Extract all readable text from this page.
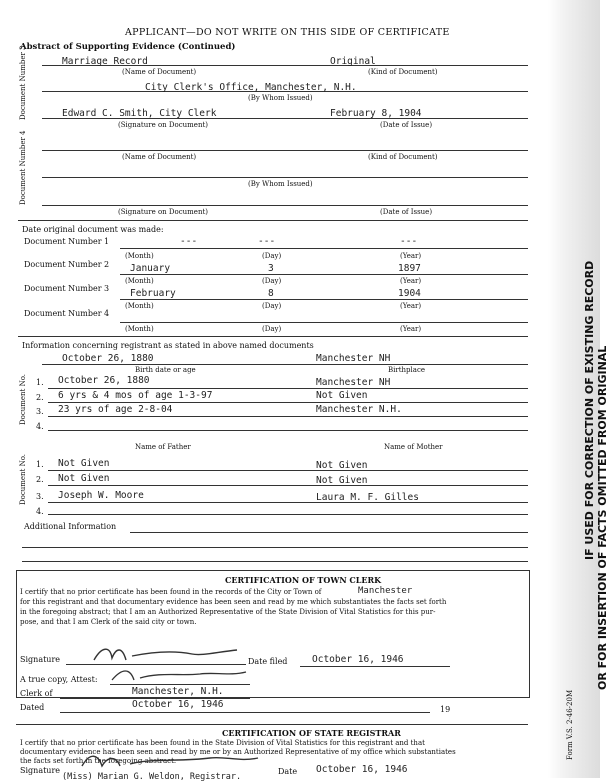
IF USED FOR CORRECTION OF EXISTING RECORD OR FOR INSERTION OF FACTS OMITTED FROM ORIGINAL
Form V.S. 2-46-20M
APPLICANT—DO NOT WRITE ON THIS SIDE OF CERTIFICATE
Abstract of Supporting Evidence (Continued)
Document Number 3	Marriage Record	Original
(Name of Document)	(Kind of Document)
City Clerk's Office, Manchester, N.H.
(By Whom Issued)
Edward C. Smith, City Clerk	February 8, 1904
(Signature on Document)	(Date of Issue)
Document Number 4	(Name of Document)	(Kind of Document)
(By Whom Issued)
(Signature on Document)	(Date of Issue)
Date original document was made:
Document Number 1	---	---	---
(Month)	(Day)	(Year)
Document Number 2 January	3	1897
(Month)	(Day)	(Year)
Document Number 3 February	8	1904
(Month)	(Day)	(Year)
Document Number 4
(Month)	(Day)	(Year)
Information concerning registrant as stated in above named documents
October 26, 1880	Manchester NH
Birth date or age	Birthplace
Document No. 1. October 26, 1880	Manchester NH
2. 6 yrs & 4 mos of age 1-3-97	Not Given
3. 23 yrs of age 2-8-04	Manchester N.H.
4.
Name of Father	Name of Mother
Document No. 1. Not Given	Not Given
2. Not Given	Not Given
3. Joseph W. Moore	Laura M. F. Gilles
4.
Additional Information
CERTIFICATION OF TOWN CLERK
I certify that no prior certificate has been found in the records of the City or Town of	Manchester
for this registrant and that documentary evidence has been seen and read by me which substantiates the facts set forth
in the foregoing abstract; that I am an Authorized Representative of the State Division of Vital Statistics for this pur-
pose, and that I am Clerk of the said city or town.
Signature	Date filed	October 16, 1946
A true copy, Attest:
Clerk of	Manchester, N.H.
Dated	October 16, 1946	19
CERTIFICATION OF STATE REGISTRAR
I certify that no prior certificate has been found in the State Division of Vital Statistics for this registrant and that
documentary evidence has been seen and read by me or by an Authorized Representative of my office which substantiates
the facts set forth in the foregoing abstract.
Signature	Date October 16, 1946
(Miss) Marian G. Weldon, Registrar.
